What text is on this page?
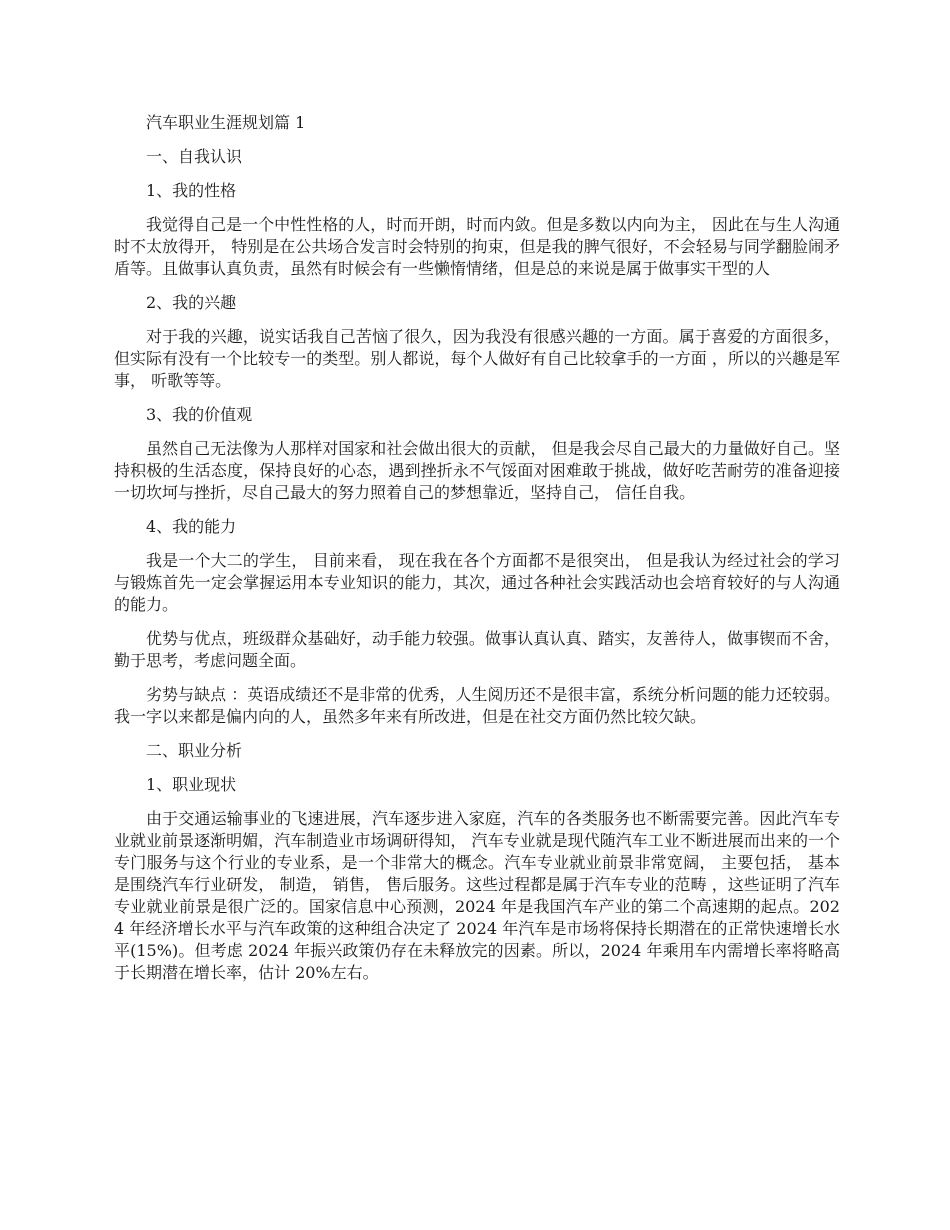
汽车职业生涯规划篇 1

一、自我认识

1、我的性格

我觉得自己是一个中性性格的人，时而开朗，时而内敛。但是多数以内向为主， 因此在与生人沟通时不太放得开， 特别是在公共场合发言时会特别的拘束，但是我的脾气很好，不会轻易与同学翻脸闹矛盾等。且做事认真负责，虽然有时候会有一些懒惰情绪，但是总的来说是属于做事实干型的人

2、我的兴趣

对于我的兴趣，说实话我自己苦恼了很久，因为我没有很感兴趣的一方面。属于喜爱的方面很多，但实际有没有一个比较专一的类型。别人都说，每个人做好有自己比较拿手的一方面 ，所以的兴趣是军事， 听歌等等。

3、我的价值观

虽然自己无法像为人那样对国家和社会做出很大的贡献， 但是我会尽自己最大的力量做好自己。坚持积极的生活态度，保持良好的心态，遇到挫折永不气馁面对困难敢于挑战，做好吃苦耐劳的准备迎接一切坎坷与挫折，尽自己最大的努力照着自己的梦想靠近，坚持自己， 信任自我。

4、我的能力

我是一个大二的学生， 目前来看， 现在我在各个方面都不是很突出， 但是我认为经过社会的学习与锻炼首先一定会掌握运用本专业知识的能力，其次，通过各种社会实践活动也会培育较好的与人沟通的能力。

优势与优点，班级群众基础好，动手能力较强。做事认真认真、踏实，友善待人，做事锲而不舍，勤于思考，考虑问题全面。

劣势与缺点 ：英语成绩还不是非常的优秀，人生阅历还不是很丰富，系统分析问题的能力还较弱。我一字以来都是偏内向的人，虽然多年来有所改进，但是在社交方面仍然比较欠缺。

二、职业分析

1、职业现状

由于交通运输事业的飞速进展，汽车逐步进入家庭，汽车的各类服务也不断需要完善。因此汽车专业就业前景逐渐明媚，汽车制造业市场调研得知， 汽车专业就是现代随汽车工业不断进展而出来的一个专门服务与这个行业的专业系，是一个非常大的概念。汽车专业就业前景非常宽阔， 主要包括， 基本是围绕汽车行业研发， 制造， 销售， 售后服务。这些过程都是属于汽车专业的范畴 ，这些证明了汽车专业就业前景是很广泛的。国家信息中心预测，2024 年是我国汽车产业的第二个高速期的起点。2024 年经济增长水平与汽车政策的这种组合决定了 2024 年汽车是市场将保持长期潜在的正常快速增长水平(15%)。但考虑 2024 年振兴政策仍存在未释放完的因素。所以，2024 年乘用车内需增长率将略高于长期潜在增长率，估计 20%左右。
